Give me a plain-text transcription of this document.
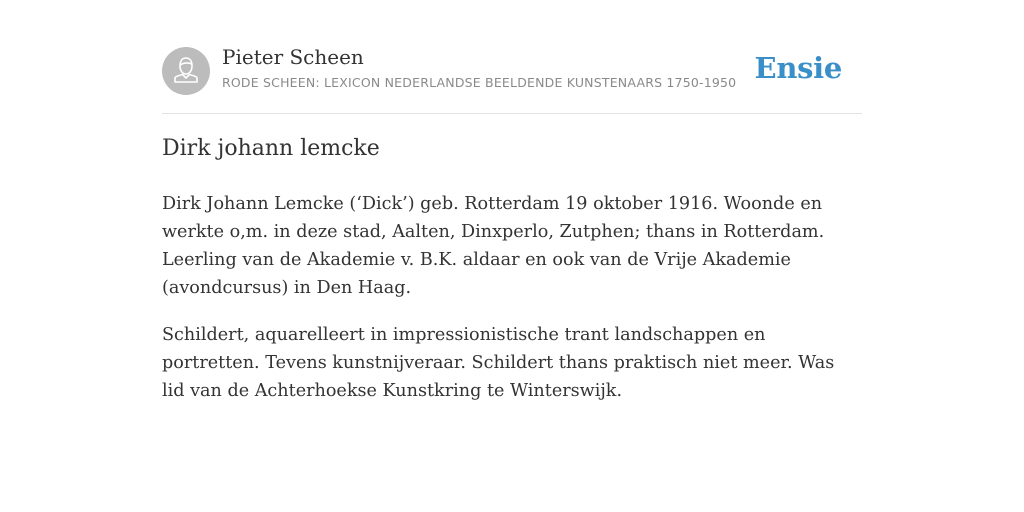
Pieter Scheen
RODE SCHEEN: LEXICON NEDERLANDSE BEELDENDE KUNSTENAARS 1750-1950 Ensie
Dirk johann lemcke

Dirk Johann Lemcke (‘Dick’) geb. Rotterdam 19 oktober 1916. Woonde en werkte o,m. in deze stad, Aalten, Dinxperlo, Zutphen; thans in Rotterdam. Leerling van de Akademie v. B.K. aldaar en ook van de Vrije Akademie (avondcursus) in Den Haag.

Schildert, aquarelleert in impressionistische trant landschappen en portretten. Tevens kunstnijveraar. Schildert thans praktisch niet meer. Was lid van de Achterhoekse Kunstkring te Winterswijk.
